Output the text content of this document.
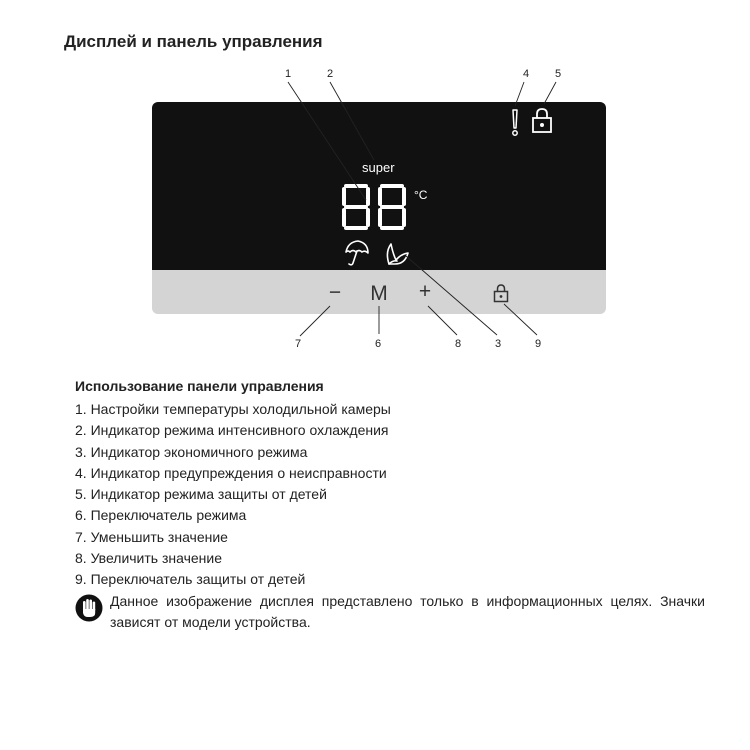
Дисплей и панель управления
super
°C
−	M	+
1	2	4	5
7	6	8	3	9
Использование панели управления
1. Настройки температуры холодильной камеры
2. Индикатор режима интенсивного охлаждения
3. Индикатор экономичного режима
4. Индикатор предупреждения о неисправности
5. Индикатор режима защиты от детей
6. Переключатель режима
7. Уменьшить значение
8. Увеличить значение
9. Переключатель защиты от детей
Данное изображение дисплея представлено только в информационных целях. Значки зависят от модели устройства.
